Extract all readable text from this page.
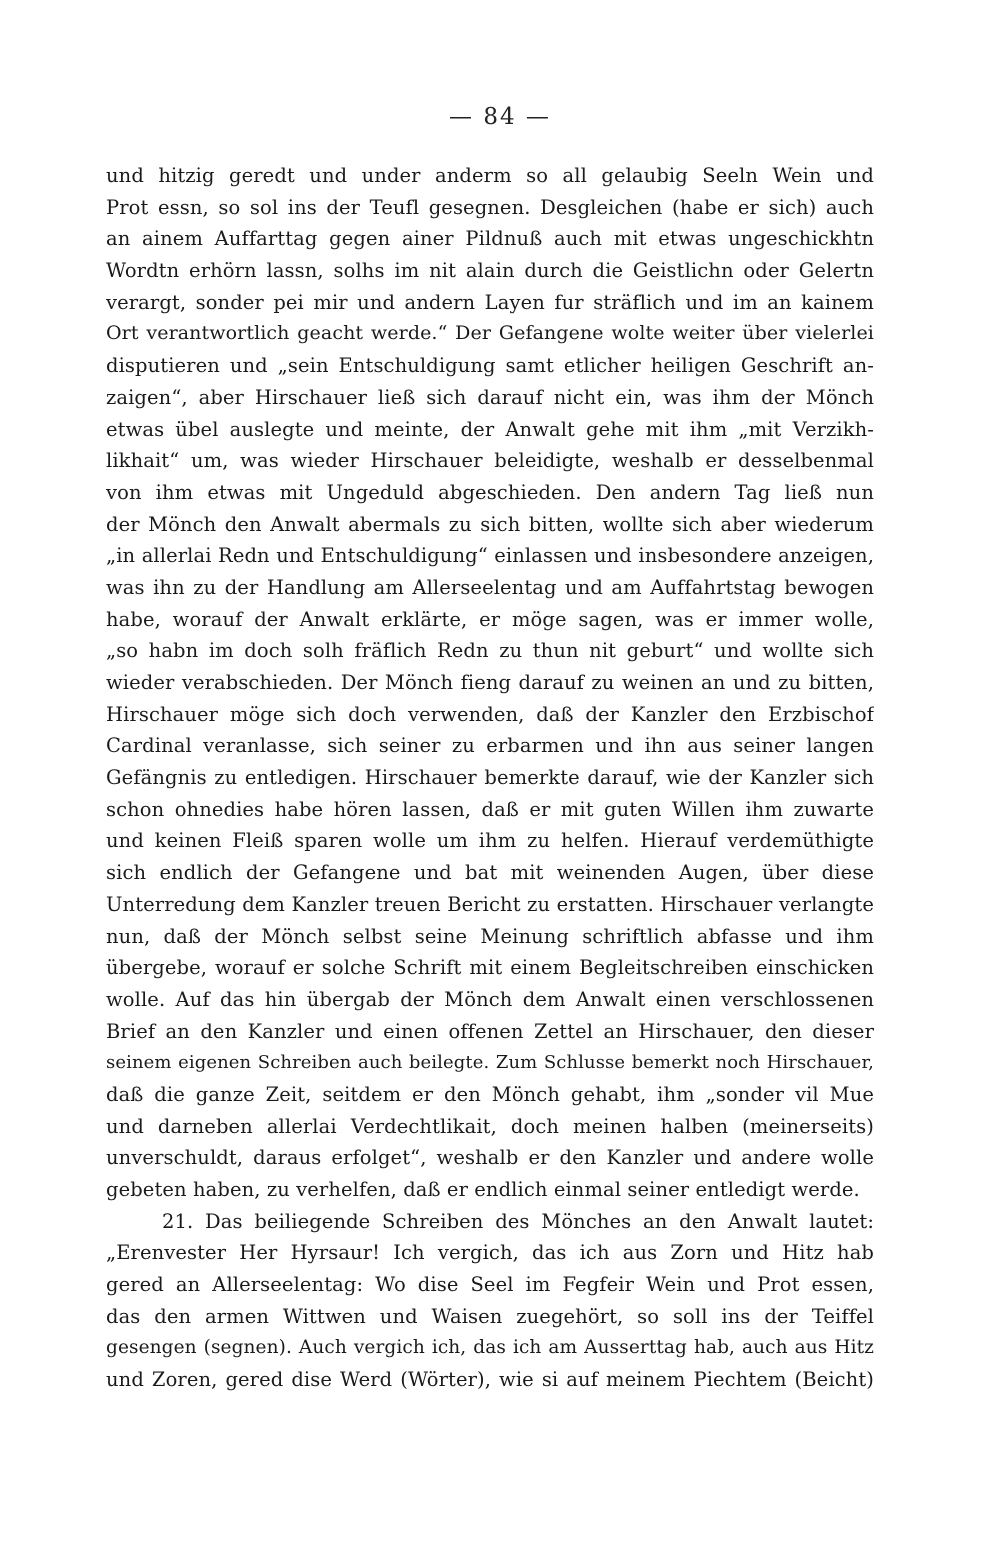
— 84 —
und hitzig geredt und under anderm so all gelaubig Seeln Wein und
Prot essn, so sol ins der Teufl gesegnen. Desgleichen (habe er sich) auch
an ainem Auffarttag gegen ainer Pildnuß auch mit etwas ungeschickhtn
Wordtn erhörn lassn, solhs im nit alain durch die Geistlichn oder Gelertn
verargt, sonder pei mir und andern Layen fur sträflich und im an kainem
Ort verantwortlich geacht werde.“ Der Gefangene wolte weiter über vielerlei
disputieren und „sein Entschuldigung samt etlicher heiligen Geschrift an-
zaigen“, aber Hirschauer ließ sich darauf nicht ein, was ihm der Mönch
etwas übel auslegte und meinte, der Anwalt gehe mit ihm „mit Verzikh-
likhait“ um, was wieder Hirschauer beleidigte, weshalb er desselbenmal
von ihm etwas mit Ungeduld abgeschieden. Den andern Tag ließ nun
der Mönch den Anwalt abermals zu sich bitten, wollte sich aber wiederum
„in allerlai Redn und Entschuldigung“ einlassen und insbesondere anzeigen,
was ihn zu der Handlung am Allerseelentag und am Auffahrtstag bewogen
habe, worauf der Anwalt erklärte, er möge sagen, was er immer wolle,
„so habn im doch solh fräflich Redn zu thun nit geburt“ und wollte sich
wieder verabschieden. Der Mönch fieng darauf zu weinen an und zu bitten,
Hirschauer möge sich doch verwenden, daß der Kanzler den Erzbischof
Cardinal veranlasse, sich seiner zu erbarmen und ihn aus seiner langen
Gefängnis zu entledigen. Hirschauer bemerkte darauf, wie der Kanzler sich
schon ohnedies habe hören lassen, daß er mit guten Willen ihm zuwarte
und keinen Fleiß sparen wolle um ihm zu helfen. Hierauf verdemüthigte
sich endlich der Gefangene und bat mit weinenden Augen, über diese
Unterredung dem Kanzler treuen Bericht zu erstatten. Hirschauer verlangte
nun, daß der Mönch selbst seine Meinung schriftlich abfasse und ihm
übergebe, worauf er solche Schrift mit einem Begleitschreiben einschicken
wolle. Auf das hin übergab der Mönch dem Anwalt einen verschlossenen
Brief an den Kanzler und einen offenen Zettel an Hirschauer, den dieser
seinem eigenen Schreiben auch beilegte. Zum Schlusse bemerkt noch Hirschauer,
daß die ganze Zeit, seitdem er den Mönch gehabt, ihm „sonder vil Mue
und darneben allerlai Verdechtlikait, doch meinen halben (meinerseits)
unverschuldt, daraus erfolget“, weshalb er den Kanzler und andere wolle
gebeten haben, zu verhelfen, daß er endlich einmal seiner entledigt werde.
21. Das beiliegende Schreiben des Mönches an den Anwalt lautet:
„Erenvester Her Hyrsaur! Ich vergich, das ich aus Zorn und Hitz hab
gered an Allerseelentag: Wo dise Seel im Fegfeir Wein und Prot essen,
das den armen Wittwen und Waisen zuegehört, so soll ins der Teiffel
gesengen (segnen). Auch vergich ich, das ich am Ausserttag hab, auch aus Hitz
und Zoren, gered dise Werd (Wörter), wie si auf meinem Piechtem (Beicht)
